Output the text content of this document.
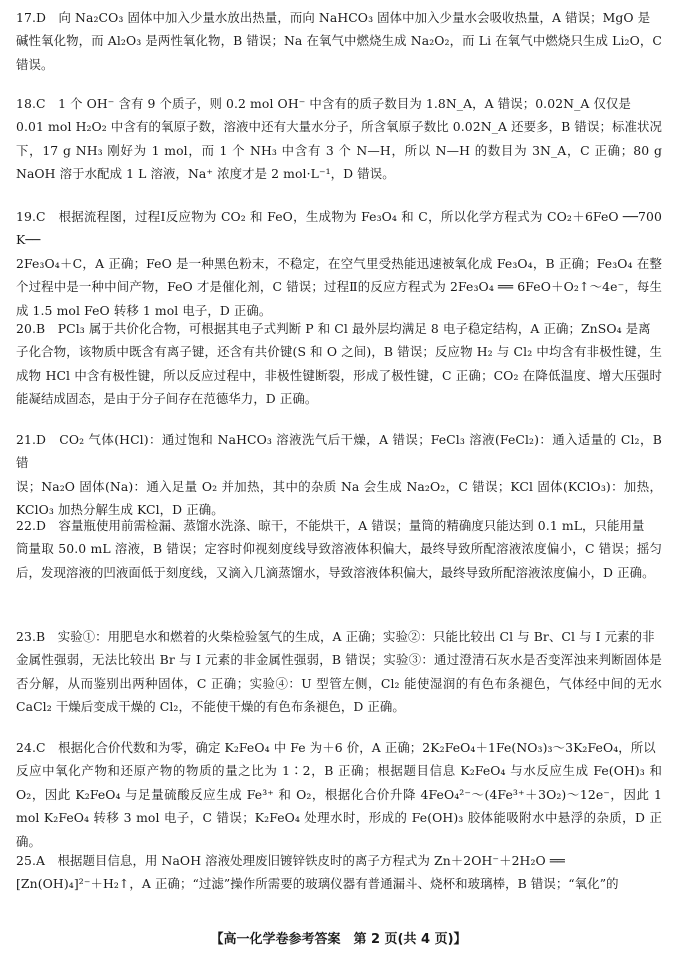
17.D　向 Na₂CO₃ 固体中加入少量水放出热量，而向 NaHCO₃ 固体中加入少量水会吸收热量，A 错误；MgO 是

碱性氧化物，而 Al₂O₃ 是两性氧化物，B 错误；Na 在氧气中燃烧生成 Na₂O₂，而 Li 在氧气中燃烧只生成 Li₂O，C 错误。

18.C　1 个 OH⁻ 含有 9 个质子，则 0.2 mol OH⁻ 中含有的质子数目为 1.8N_A，A 错误；0.02N_A 仅仅是

0.01 mol H₂O₂ 中含有的氧原子数，溶液中还有大量水分子，所含氧原子数比 0.02N_A 还要多，B 错误；标准状况下，17 g NH₃ 刚好为 1 mol，而 1 个 NH₃ 中含有 3 个 N—H，所以 N—H 的数目为 3N_A，C 正确；80 g NaOH 溶于水配成 1 L 溶液，Na⁺ 浓度才是 2 mol·L⁻¹，D 错误。

19.C　根据流程图，过程Ⅰ反应物为 CO₂ 和 FeO，生成物为 Fe₃O₄ 和 C，所以化学方程式为 CO₂＋6FeO ──700 K──

2Fe₃O₄＋C，A 正确；FeO 是一种黑色粉末，不稳定，在空气里受热能迅速被氧化成 Fe₃O₄，B 正确；Fe₃O₄ 在整个过程中是一种中间产物，FeO 才是催化剂，C 错误；过程Ⅱ的反应方程式为 2Fe₃O₄ ══ 6FeO＋O₂↑～4e⁻，每生成 1.5 mol FeO 转移 1 mol 电子，D 正确。

20.B　PCl₃ 属于共价化合物，可根据其电子式判断 P 和 Cl 最外层均满足 8 电子稳定结构，A 正确；ZnSO₄ 是离

子化合物，该物质中既含有离子键，还含有共价键(S 和 O 之间)，B 错误；反应物 H₂ 与 Cl₂ 中均含有非极性键，生成物 HCl 中含有极性键，所以反应过程中，非极性键断裂，形成了极性键，C 正确；CO₂ 在降低温度、增大压强时能凝结成固态，是由于分子间存在范德华力，D 正确。

21.D　CO₂ 气体(HCl)：通过饱和 NaHCO₃ 溶液洗气后干燥，A 错误；FeCl₃ 溶液(FeCl₂)：通入适量的 Cl₂，B 错

误；Na₂O 固体(Na)：通入足量 O₂ 并加热，其中的杂质 Na 会生成 Na₂O₂，C 错误；KCl 固体(KClO₃)：加热，KClO₃ 加热分解生成 KCl，D 正确。

22.D　容量瓶使用前需检漏、蒸馏水洗涤、晾干，不能烘干，A 错误；量筒的精确度只能达到 0.1 mL，只能用量

筒量取 50.0 mL 溶液，B 错误；定容时仰视刻度线导致溶液体积偏大，最终导致所配溶液浓度偏小，C 错误；摇匀后，发现溶液的凹液面低于刻度线，又滴入几滴蒸馏水，导致溶液体积偏大，最终导致所配溶液浓度偏小，D 正确。

23.B　实验①：用肥皂水和燃着的火柴检验氢气的生成，A 正确；实验②：只能比较出 Cl 与 Br、Cl 与 I 元素的非

金属性强弱，无法比较出 Br 与 I 元素的非金属性强弱，B 错误；实验③：通过澄清石灰水是否变浑浊来判断固体是否分解，从而鉴别出两种固体，C 正确；实验④：U 型管左侧，Cl₂ 能使湿润的有色布条褪色，气体经中间的无水 CaCl₂ 干燥后变成干燥的 Cl₂，不能使干燥的有色布条褪色，D 正确。

24.C　根据化合价代数和为零，确定 K₂FeO₄ 中 Fe 为＋6 价，A 正确；2K₂FeO₄＋1Fe(NO₃)₃～3K₂FeO₄，所以

反应中氧化产物和还原产物的物质的量之比为 1∶2，B 正确；根据题目信息 K₂FeO₄ 与水反应生成 Fe(OH)₃ 和 O₂，因此 K₂FeO₄ 与足量硫酸反应生成 Fe³⁺ 和 O₂，根据化合价升降 4FeO₄²⁻～(4Fe³⁺＋3O₂)～12e⁻，因此 1 mol K₂FeO₄ 转移 3 mol 电子，C 错误；K₂FeO₄ 处理水时，形成的 Fe(OH)₃ 胶体能吸附水中悬浮的杂质，D 正确。

25.A　根据题目信息，用 NaOH 溶液处理废旧镀锌铁皮时的离子方程式为 Zn＋2OH⁻＋2H₂O ══

[Zn(OH)₄]²⁻＋H₂↑，A 正确；“过滤”操作所需要的玻璃仪器有普通漏斗、烧杯和玻璃棒，B 错误；“氧化”的

【高一化学卷参考答案　第 2 页(共 4 页)】
